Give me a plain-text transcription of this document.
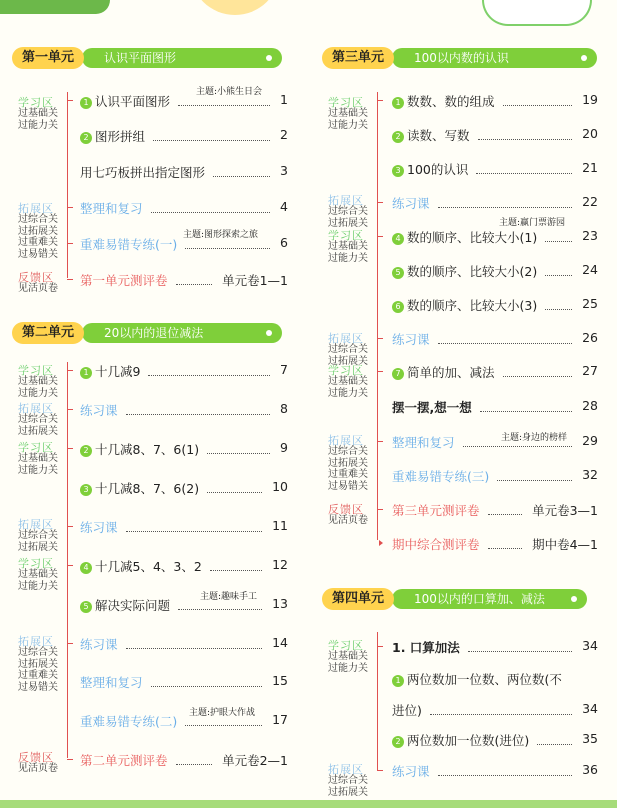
认识平面图形
第一单元
20以内的退位减法
第二单元
100以内数的认识
第三单元
100以内的口算加、减法
第四单元
学习区
过基础关
过能力关
拓展区
过综合关
过拓展关
过重难关
过易错关
反馈区
见活页卷
学习区
过基础关
过能力关
拓展区
过综合关
过拓展关
学习区
过基础关
过能力关
拓展区
过综合关
过拓展关
学习区
过基础关
过能力关
拓展区
过综合关
过拓展关
过重难关
过易错关
反馈区
见活页卷
学习区
过基础关
过能力关
拓展区
过综合关
过拓展关
学习区
过基础关
过能力关
拓展区
过综合关
过拓展关
学习区
过基础关
过能力关
拓展区
过综合关
过拓展关
过重难关
过易错关
反馈区
见活页卷
学习区
过基础关
过能力关
拓展区
过综合关
过拓展关
主题:小熊生日会
主题:图形探索之旅
主题:趣味手工
主题:护眼大作战
主题:赢门票游园
主题:身边的榜样
1 认识平面图形	1
2 图形拼组	2
用七巧板拼出指定图形	3
整理和复习	4
重难易错专练(一)	6
第一单元测评卷	单元卷1—1
1 十几减9	7
练习课	8
2 十几减8、7、6(1)	9
3 十几减8、7、6(2)	10
练习课	11
4 十几减5、4、3、2	12
5 解决实际问题	13
练习课	14
整理和复习	15
重难易错专练(二)	17
第二单元测评卷	单元卷2—1
1 数数、数的组成	19
2 读数、写数	20
3 100的认识	21
练习课	22
4 数的顺序、比较大小(1)	23
5 数的顺序、比较大小(2)	24
6 数的顺序、比较大小(3)	25
练习课	26
7 简单的加、减法	27
摆一摆,想一想	28
整理和复习	29
重难易错专练(三)	32
第三单元测评卷	单元卷3—1
期中综合测评卷	期中卷4—1
1. 口算加法	34
1 两位数加一位数、两位数(不
进位)	34
2 两位数加一位数(进位)	35
练习课	36
